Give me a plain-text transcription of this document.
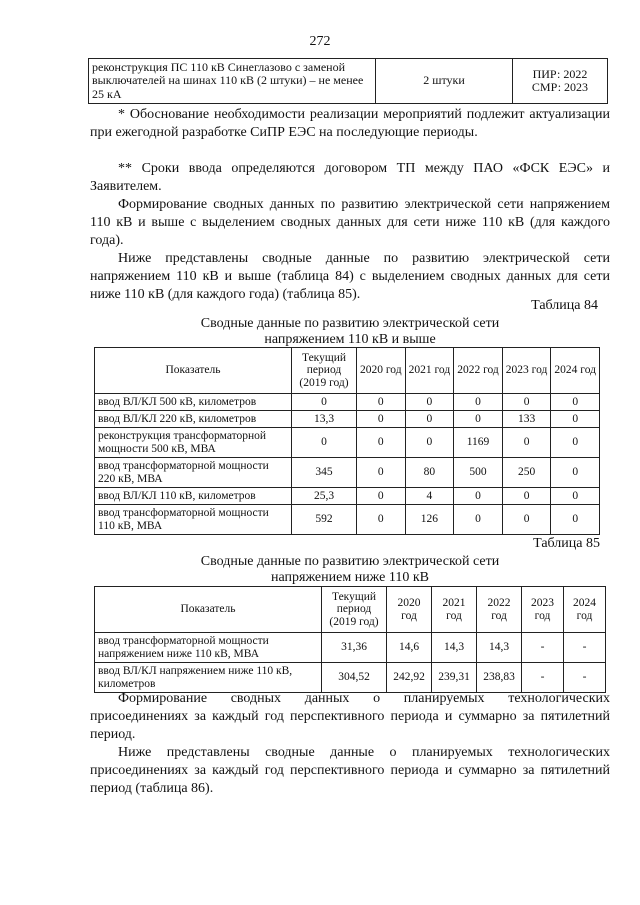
272
реконструкция ПС 110 кВ Синеглазово с заменой выключателей на шинах 110 кВ (2 штуки) – не менее 25 кА	2 штуки	ПИР: 2022
СМР: 2023
* Обоснование необходимости реализации мероприятий подлежит актуализации при ежегодной разработке СиПР ЕЭС на последующие периоды.
** Сроки ввода определяются договором ТП между ПАО «ФСК ЕЭС» и Заявителем.
Формирование сводных данных по развитию электрической сети напряжением 110 кВ и выше с выделением сводных данных для сети ниже 110 кВ (для каждого года).
Ниже представлены сводные данные по развитию электрической сети напряжением 110 кВ и выше (таблица 84) с выделением сводных данных для сети ниже 110 кВ (для каждого года) (таблица 85).
Таблица 84
Сводные данные по развитию электрической сети
напряжением 110 кВ и выше
Показатель	Текущий период (2019 год)	2020 год	2021 год	2022 год	2023 год	2024 год
ввод ВЛ/КЛ 500 кВ, километров	0	0	0	0	0	0
ввод ВЛ/КЛ 220 кВ, километров	13,3	0	0	0	133	0
реконструкция трансформаторной мощности 500 кВ, МВА	0	0	0	1169	0	0
ввод трансформаторной мощности 220 кВ, МВА	345	0	80	500	250	0
ввод ВЛ/КЛ 110 кВ, километров	25,3	0	4	0	0	0
ввод трансформаторной мощности 110 кВ, МВА	592	0	126	0	0	0
Таблица 85
Сводные данные по развитию электрической сети
напряжением ниже 110 кВ
Показатель	Текущий период (2019 год)	2020 год	2021 год	2022 год	2023 год	2024 год
ввод трансформаторной мощности напряжением ниже 110 кВ, МВА	31,36	14,6	14,3	14,3	-	-
ввод ВЛ/КЛ напряжением ниже 110 кВ, километров	304,52	242,92	239,31	238,83	-	-
Формирование сводных данных о планируемых технологических присоединениях за каждый год перспективного периода и суммарно за пятилетний период.
Ниже представлены сводные данные о планируемых технологических присоединениях за каждый год перспективного периода и суммарно за пятилетний период (таблица 86).
